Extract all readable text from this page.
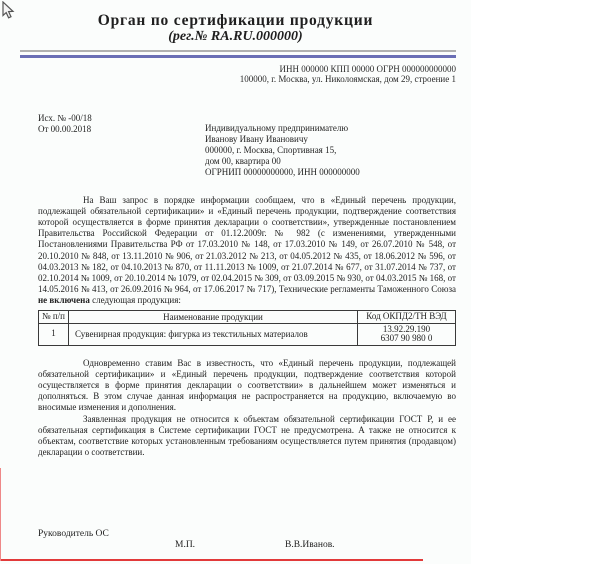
Орган по сертификации продукции
(рег.№ RA.RU.000000)
ИНН 000000 КПП 00000 ОГРН 000000000000
100000, г. Москва, ул. Николоямская, дом 29, строение 1
Исх. № -00/18
От 00.00.2018	Индивидуальному предпринимателю
Иванову Ивану Ивановичу
000000, г. Москва, Спортивная 15,
дом 00, квартира 00
ОГРНИП 00000000000, ИНН 000000000
На Ваш запрос в порядке информации сообщаем, что в «Единый перечень продукции, подлежащей обязательной сертификации» и «Единый перечень продукции, подтверждение соответствия которой осуществляется в форме принятия декларации о соответствии», утвержденные постановлением Правительства Российской Федерации от 01.12.2009г. № 982 (с изменениями, утвержденными Постановлениями Правительства РФ от 17.03.2010 № 148, от 17.03.2010 № 149, от 26.07.2010 № 548, от 20.10.2010 № 848, от 13.11.2010 № 906, от 21.03.2012 № 213, от 04.05.2012 № 435, от 18.06.2012 № 596, от 04.03.2013 № 182, от 04.10.2013 № 870, от 11.11.2013 № 1009, от 21.07.2014 № 677, от 31.07.2014 № 737, от 02.10.2014 № 1009, от 20.10.2014 № 1079, от 02.04.2015 № 309, от 03.09.2015 № 930, от 04.03.2015 № 168, от 14.05.2016 № 413, от 26.09.2016 № 964, от 17.06.2017 № 717), Технические регламенты Таможенного Союза не включена следующая продукция:
№ п/п	Наименование продукции	Код ОКПД2/ТН ВЭД
1	Сувенирная продукция: фигурка из текстильных материалов	13.92.29.190
6307 90 980 0
Одновременно ставим Вас в известность, что «Единый перечень продукции, подлежащей обязательной сертификации» и «Единый перечень продукции, подтверждение соответствия которой осуществляется в форме принятия декларации о соответствии» в дальнейшем может изменяться и дополняться. В этом случае данная информация не распространяется на продукцию, включаемую во вносимые изменения и дополнения.
Заявленная продукция не относится к объектам обязательной сертификации ГОСТ Р, и ее обязательная сертификация в Системе сертификации ГОСТ не предусмотрена. А также не относится к объектам, соответствие которых установленным требованиям осуществляется путем принятия (продавцом) декларации о соответствии.
Руководитель ОС
М.П.	В.В.Иванов.
